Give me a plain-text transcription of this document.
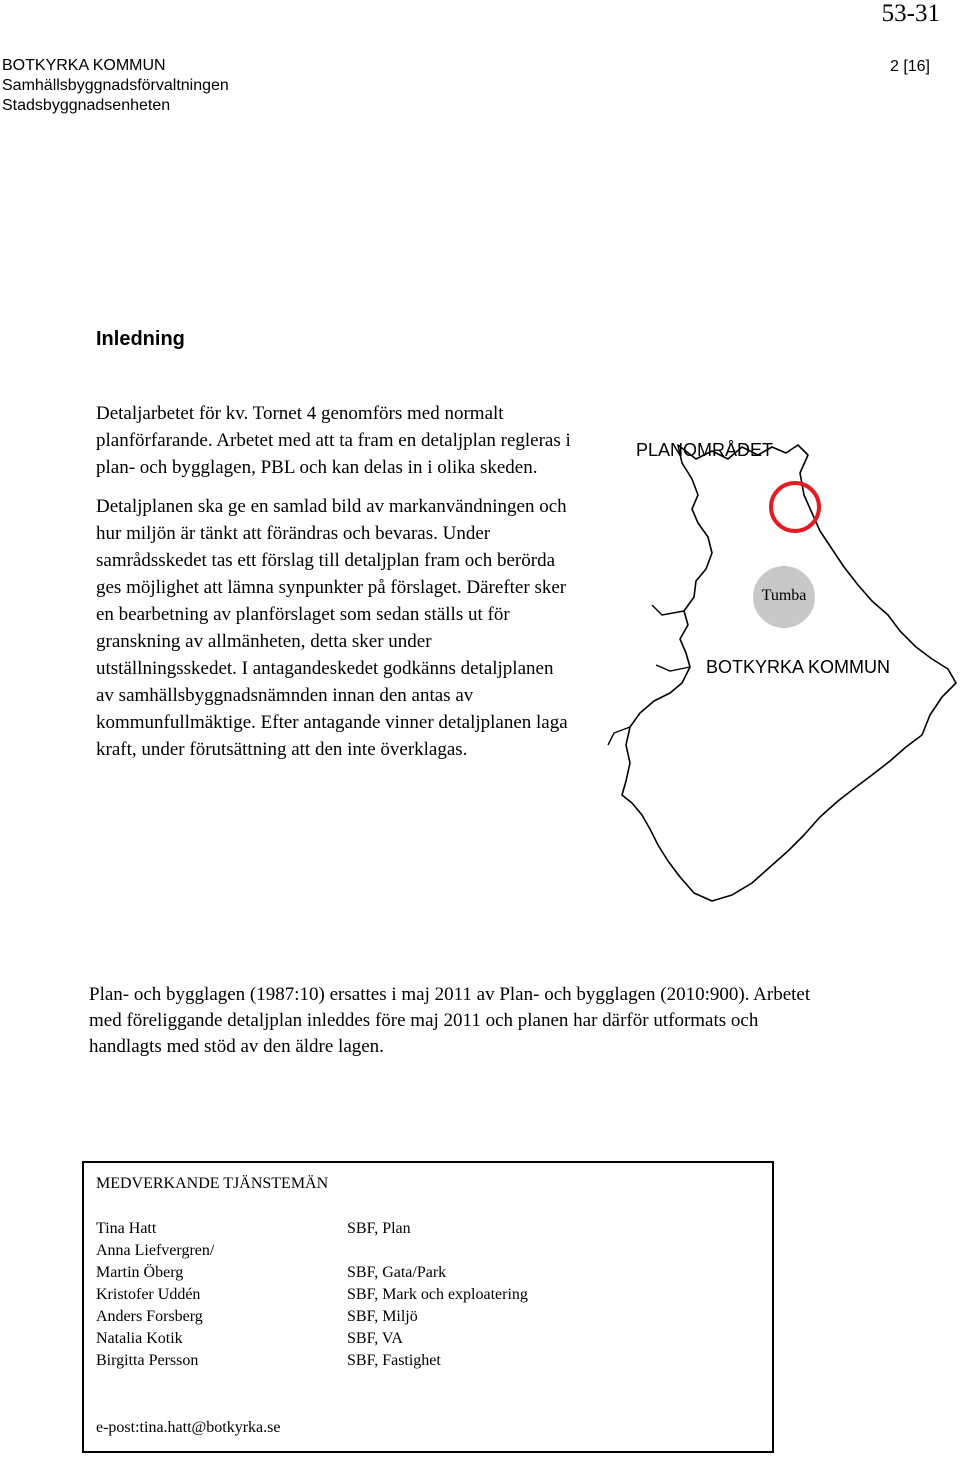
53-31
BOTKYRKA KOMMUN
Samhällsbyggnadsförvaltningen
Stadsbyggnadsenheten
2 [16]
Inledning

Detaljarbetet för kv. Tornet 4 genomförs med normalt planförfarande. Arbetet med att ta fram en detaljplan regleras i plan- och bygglagen, PBL och kan delas in i olika skeden.

Detaljplanen ska ge en samlad bild av markanvändningen och hur miljön är tänkt att förändras och bevaras. Under samrådsskedet tas ett förslag till detaljplan fram och berörda ges möjlighet att lämna synpunkter på förslaget. Därefter sker en bearbetning av planförslaget som sedan ställs ut för granskning av allmänheten, detta sker under utställningsskedet. I antagandeskedet godkänns detaljplanen av samhällsbyggnadsnämnden innan den antas av kommunfullmäktige. Efter antagande vinner detaljplanen laga kraft, under förutsättning att den inte överklagas.

PLANOMRÅDET
Tumba
BOTKYRKA KOMMUN

Plan- och bygglagen (1987:10) ersattes i maj 2011 av Plan- och bygglagen (2010:900). Arbetet med föreliggande detaljplan inleddes före maj 2011 och planen har därför utformats och handlagts med stöd av den äldre lagen.

MEDVERKANDE TJÄNSTEMÄN
Tina Hatt
Anna Liefvergren/
Martin Öberg
Kristofer Uddén
Anders Forsberg
Natalia Kotik
Birgitta Persson
SBF, Plan
SBF, Gata/Park
SBF, Mark och exploatering
SBF, Miljö
SBF, VA
SBF, Fastighet
e-post:tina.hatt@botkyrka.se
